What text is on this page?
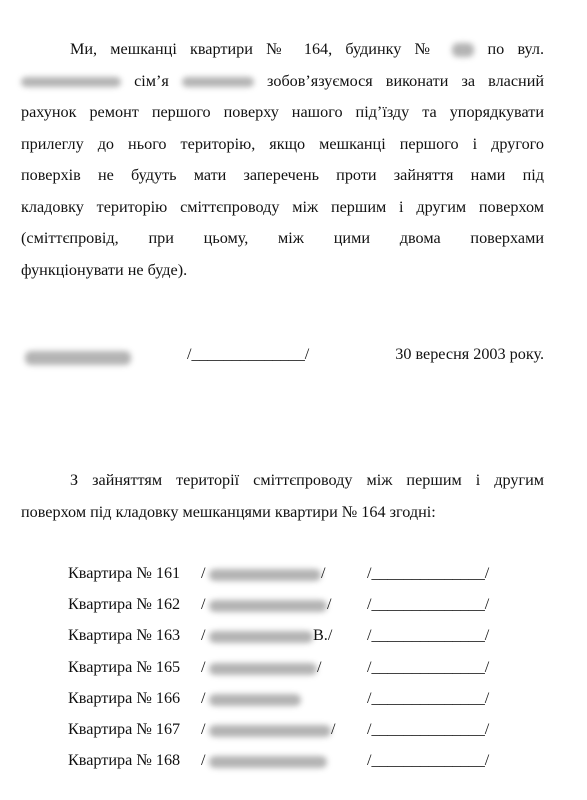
Ми, мешканці квартири № 164, будинку №	по вул.
сім’я	зобов’язуємося виконати за власний
рахунок ремонт першого поверху нашого під’їзду та упорядкувати
прилеглу до нього територію, якщо мешканці першого і другого
поверхів не будуть мати заперечень проти зайняття нами під
кладовку територію сміттєпроводу між першим і другим поверхом
(сміттєпровід, при цьому, між цими двома поверхами
функціонувати не буде).
/______________/	30 вересня 2003 року.
З зайняттям території сміттєпроводу між першим і другим
поверхом під кладовку мешканцями квартири № 164 згодні:
Квартира № 161 /	/	/______________/
Квартира № 162 /	/ /______________/
Квартира № 163 /	В./ /______________/
Квартира № 165 /	/	/______________/
Квартира № 166 /	/______________/
Квартира № 167 /	/ /______________/
Квартира № 168 /	/______________/
